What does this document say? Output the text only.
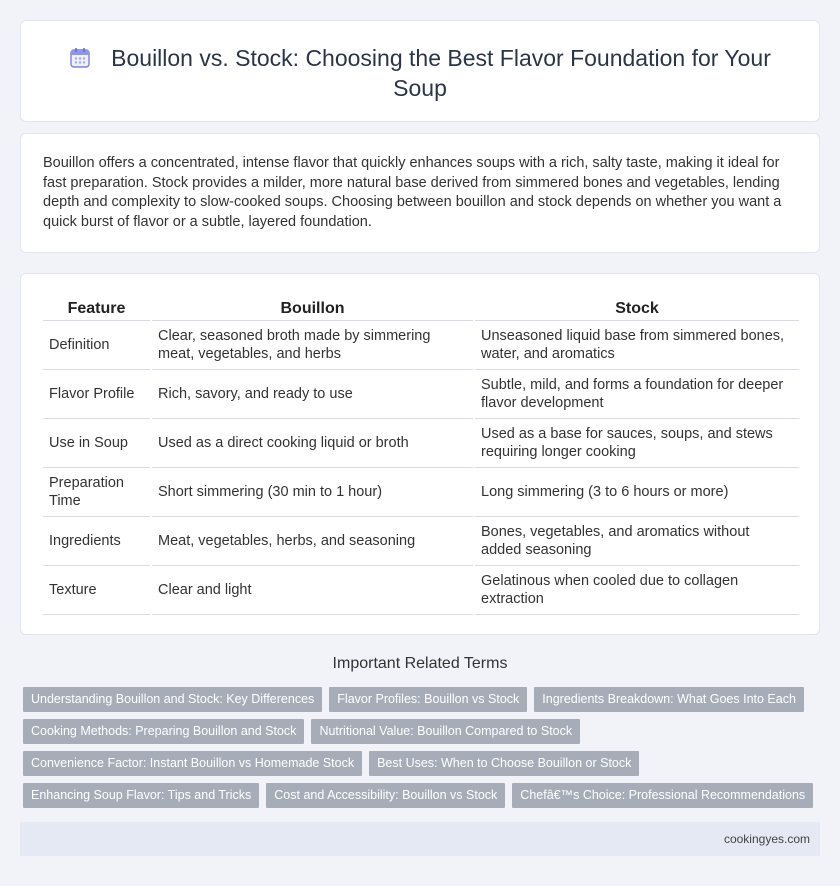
Bouillon vs. Stock: Choosing the Best Flavor Foundation for Your Soup

Bouillon offers a concentrated, intense flavor that quickly enhances soups with a rich, salty taste, making it ideal for fast preparation. Stock provides a milder, more natural base derived from simmered bones and vegetables, lending depth and complexity to slow-cooked soups. Choosing between bouillon and stock depends on whether you want a quick burst of flavor or a subtle, layered foundation.

Feature	Bouillon	Stock
Definition	Clear, seasoned broth made by simmering meat, vegetables, and herbs	Unseasoned liquid base from simmered bones, water, and aromatics
Flavor Profile	Rich, savory, and ready to use	Subtle, mild, and forms a foundation for deeper flavor development
Use in Soup	Used as a direct cooking liquid or broth	Used as a base for sauces, soups, and stews requiring longer cooking
Preparation Time	Short simmering (30 min to 1 hour)	Long simmering (3 to 6 hours or more)
Ingredients	Meat, vegetables, herbs, and seasoning	Bones, vegetables, and aromatics without added seasoning
Texture	Clear and light	Gelatinous when cooled due to collagen extraction
Important Related Terms
Understanding Bouillon and Stock: Key Differences Flavor Profiles: Bouillon vs Stock Ingredients Breakdown: What Goes Into Each
Cooking Methods: Preparing Bouillon and Stock Nutritional Value: Bouillon Compared to Stock
Convenience Factor: Instant Bouillon vs Homemade Stock Best Uses: When to Choose Bouillon or Stock
Enhancing Soup Flavor: Tips and Tricks Cost and Accessibility: Bouillon vs Stock Chefâ€™s Choice: Professional Recommendations
cookingyes.com
